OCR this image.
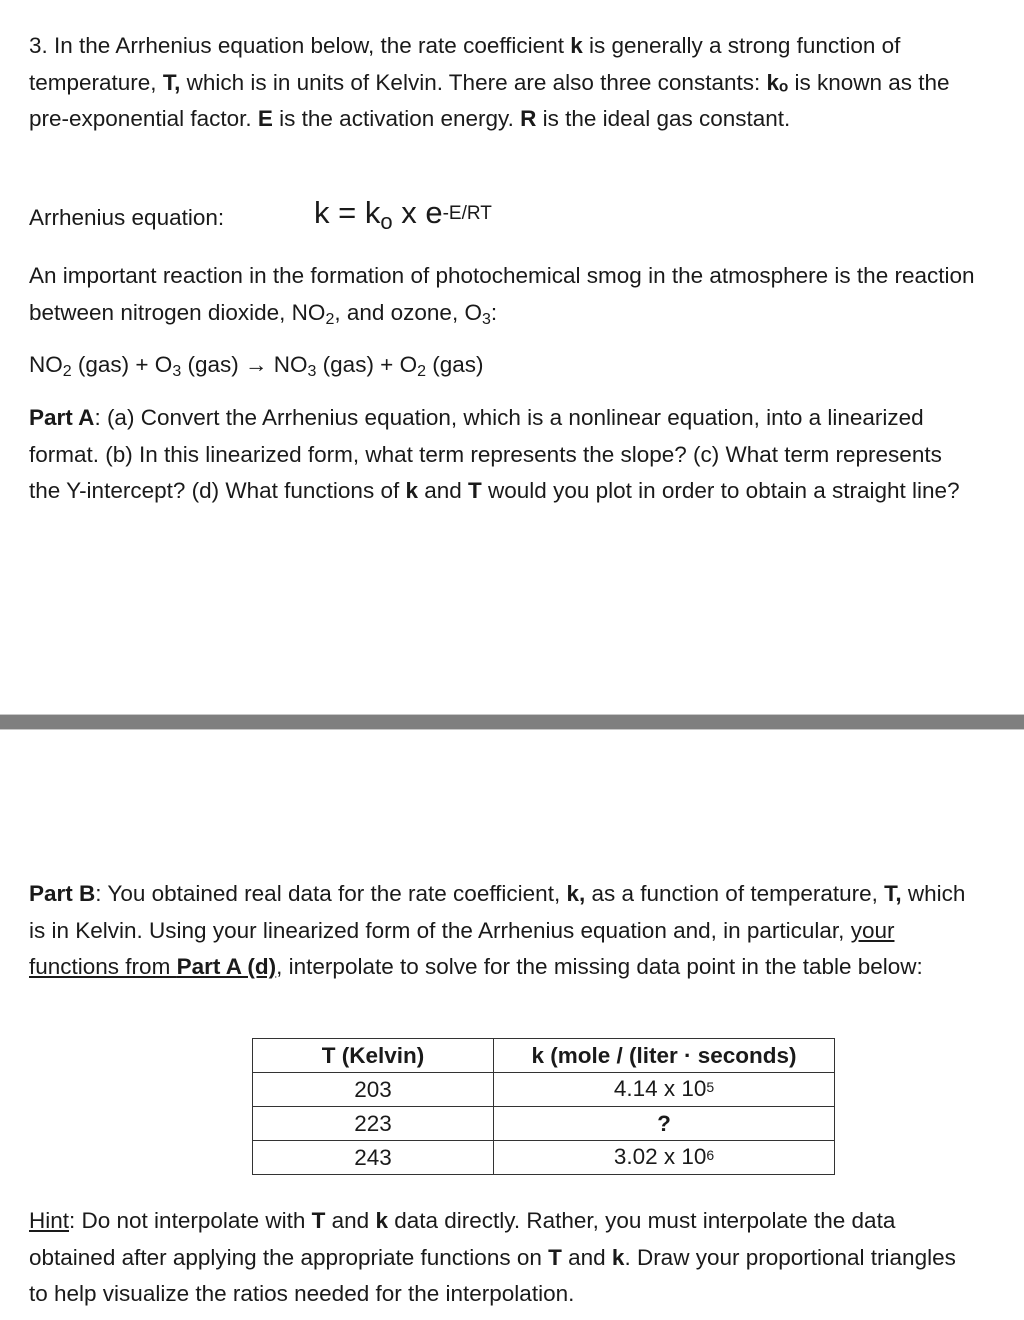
3. In the Arrhenius equation below, the rate coefficient k is generally a strong function of temperature, T, which is in units of Kelvin. There are also three constants: kₒ is known as the pre-exponential factor. E is the activation energy. R is the ideal gas constant.
Arrhenius equation:	k = ko x $e^{-E/RT}$
An important reaction in the formation of photochemical smog in the atmosphere is the reaction between nitrogen dioxide, NO2, and ozone, O3:
NO2 (gas) + O3 (gas) → NO3 (gas) + O2 (gas)
Part A: (a) Convert the Arrhenius equation, which is a nonlinear equation, into a linearized format. (b) In this linearized form, what term represents the slope? (c) What term represents the Y-intercept? (d) What functions of k and T would you plot in order to obtain a straight line?
Part B: You obtained real data for the rate coefficient, k, as a function of temperature, T, which is in Kelvin. Using your linearized form of the Arrhenius equation and, in particular, your functions from Part A (d), interpolate to solve for the missing data point in the table below:
T (Kelvin)	k (mole / (liter · seconds)
203	4.14 x $10^5$
223	?
243	3.02 x $10^6$
Hint: Do not interpolate with T and k data directly. Rather, you must interpolate the data obtained after applying the appropriate functions on T and k. Draw your proportional triangles to help visualize the ratios needed for the interpolation.
